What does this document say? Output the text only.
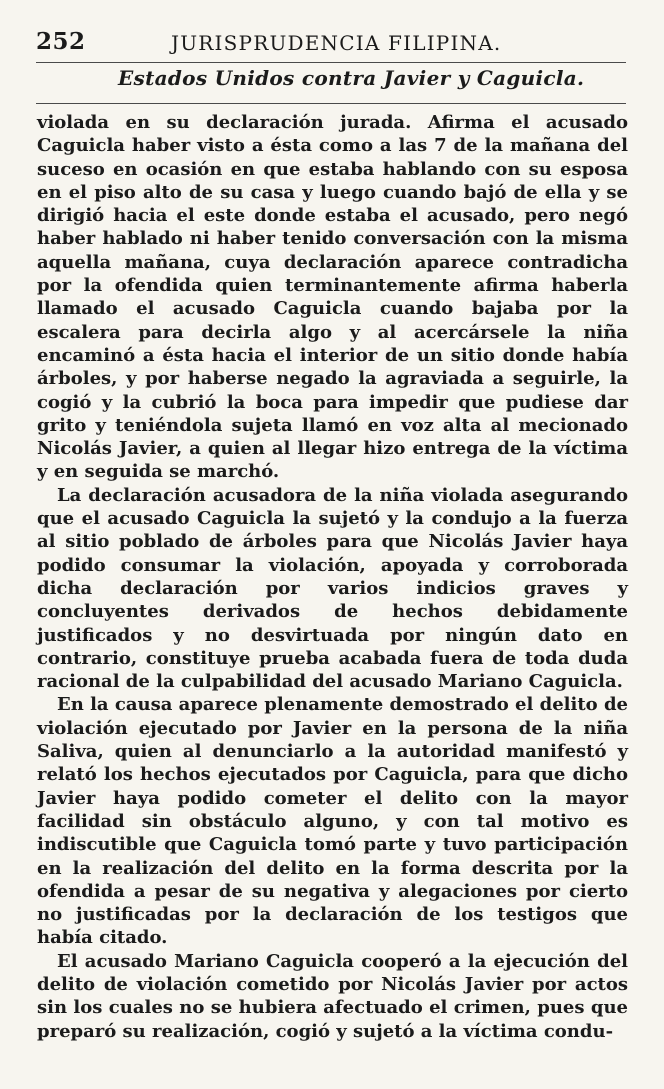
252	JURISPRUDENCIA FILIPINA.
Estados Unidos contra Javier y Caguicla.

violada en su declaración jurada. Afirma el acusado Caguicla haber visto a ésta como a las 7 de la mañana del suceso en ocasión en que estaba hablando con su esposa en el piso alto de su casa y luego cuando bajó de ella y se dirigió hacia el este donde estaba el acusado, pero negó haber hablado ni haber tenido conversación con la misma aquella mañana, cuya declaración aparece contradicha por la ofendida quien terminantemente afirma haberla llamado el acusado Caguicla cuando bajaba por la escalera para decirla algo y al acercársele la niña encaminó a ésta hacia el interior de un sitio donde había árboles, y por haberse negado la agraviada a seguirle, la cogió y la cubrió la boca para impedir que pudiese dar grito y teniéndola sujeta llamó en voz alta al mecionado Nicolás Javier, a quien al llegar hizo entrega de la víctima y en seguida se marchó.

La declaración acusadora de la niña violada asegurando que el acusado Caguicla la sujetó y la condujo a la fuerza al sitio poblado de árboles para que Nicolás Javier haya podido consumar la violación, apoyada y corroborada dicha declaración por varios indicios graves y concluyentes derivados de hechos debidamente justificados y no desvirtuada por ningún dato en contrario, constituye prueba acabada fuera de toda duda racional de la culpabilidad del acusado Mariano Caguicla.

En la causa aparece plenamente demostrado el delito de violación ejecutado por Javier en la persona de la niña Saliva, quien al denunciarlo a la autoridad manifestó y relató los hechos ejecutados por Caguicla, para que dicho Javier haya podido cometer el delito con la mayor facilidad sin obstáculo alguno, y con tal motivo es indiscutible que Caguicla tomó parte y tuvo participación en la realización del delito en la forma descrita por la ofendida a pesar de su negativa y alegaciones por cierto no justificadas por la declaración de los testigos que había citado.

El acusado Mariano Caguicla cooperó a la ejecución del delito de violación cometido por Nicolás Javier por actos sin los cuales no se hubiera afectuado el crimen, pues que preparó su realización, cogió y sujetó a la víctima condu-
